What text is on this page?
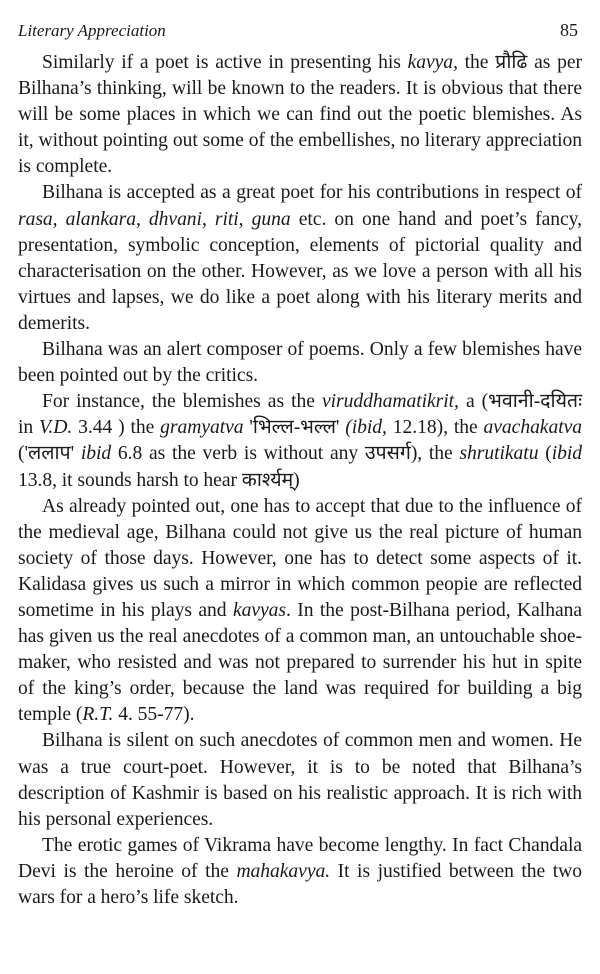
Literary Appreciation	85

Similarly if a poet is active in presenting his kavya, the प्रौढि as per Bilhana’s thinking, will be known to the readers. It is obvious that there will be some places in which we can find out the poetic blemishes. As it, without pointing out some of the embellishes, no literary appreciation is complete.

Bilhana is accepted as a great poet for his contributions in respect of rasa, alankara, dhvani, riti, guna etc. on one hand and poet’s fancy, presentation, symbolic conception, elements of pictorial quality and characterisation on the other. However, as we love a person with all his virtues and lapses, we do like a poet along with his literary merits and demerits.

Bilhana was an alert composer of poems. Only a few blemishes have been pointed out by the critics.

For instance, the blemishes as the viruddhamatikrit, a (भवानी-दयितः in V.D. 3.44 ) the gramyatva 'भिल्ल-भल्ल' (ibid, 12.18), the avachakatva ('ललाप' ibid 6.8 as the verb is without any उपसर्ग), the shrutikatu (ibid 13.8, it sounds harsh to hear कार्श्यम्)

As already pointed out, one has to accept that due to the influence of the medieval age, Bilhana could not give us the real picture of human society of those days. However, one has to detect some aspects of it. Kalidasa gives us such a mirror in which common peopie are reflected sometime in his plays and kavyas. In the post-Bilhana period, Kalhana has given us the real anecdotes of a common man, an untouchable shoe-maker, who resisted and was not prepared to surrender his hut in spite of the king’s order, because the land was required for building a big temple (R.T. 4. 55-77).

Bilhana is silent on such anecdotes of common men and women. He was a true court-poet. However, it is to be noted that Bilhana’s description of Kashmir is based on his realistic approach. It is rich with his personal experiences.

The erotic games of Vikrama have become lengthy. In fact Chandala Devi is the heroine of the mahakavya. It is justified between the two wars for a hero’s life sketch.
